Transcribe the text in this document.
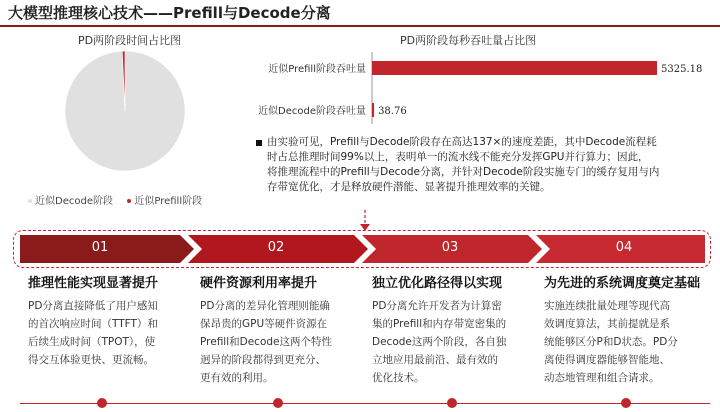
大模型推理核心技术——Prefill与Decode分离
PD两阶段时间占比图
近似Decode阶段 近似Prefill阶段
PD两阶段每秒吞吐量占比图
近似Prefill阶段吞吐量	5325.18
近似Decode阶段吞吐量 38.76
由实验可见，Prefill与Decode阶段存在高达137×的速度差距，其中Decode流程耗
时占总推理时间99%以上，表明单一的流水线不能充分发挥GPU并行算力；因此，
将推理流程中的Prefill与Decode分离，并针对Decode阶段实施专门的缓存复用与内
存带宽优化，才是释放硬件潜能、显著提升推理效率的关键。
01	02	03	04
推理性能实现显著提升
PD分离直接降低了用户感知
的首次响应时间（TTFT）和
后续生成时间（TPOT），使
得交互体验更快、更流畅。
硬件资源利用率提升
PD分离的差异化管理则能确
保昂贵的GPU等硬件资源在
Prefill和Decode这两个特性
迥异的阶段都得到更充分、
更有效的利用。
独立优化路径得以实现
PD分离允许开发者为计算密
集的Prefill和内存带宽密集的
Decode这两个阶段，各自独
立地应用最前沿、最有效的
优化技术。
为先进的系统调度奠定基础
实施连续批量处理等现代高
效调度算法，其前提就是系
统能够区分P和D状态。PD分
离使得调度器能够智能地、
动态地管理和组合请求。
